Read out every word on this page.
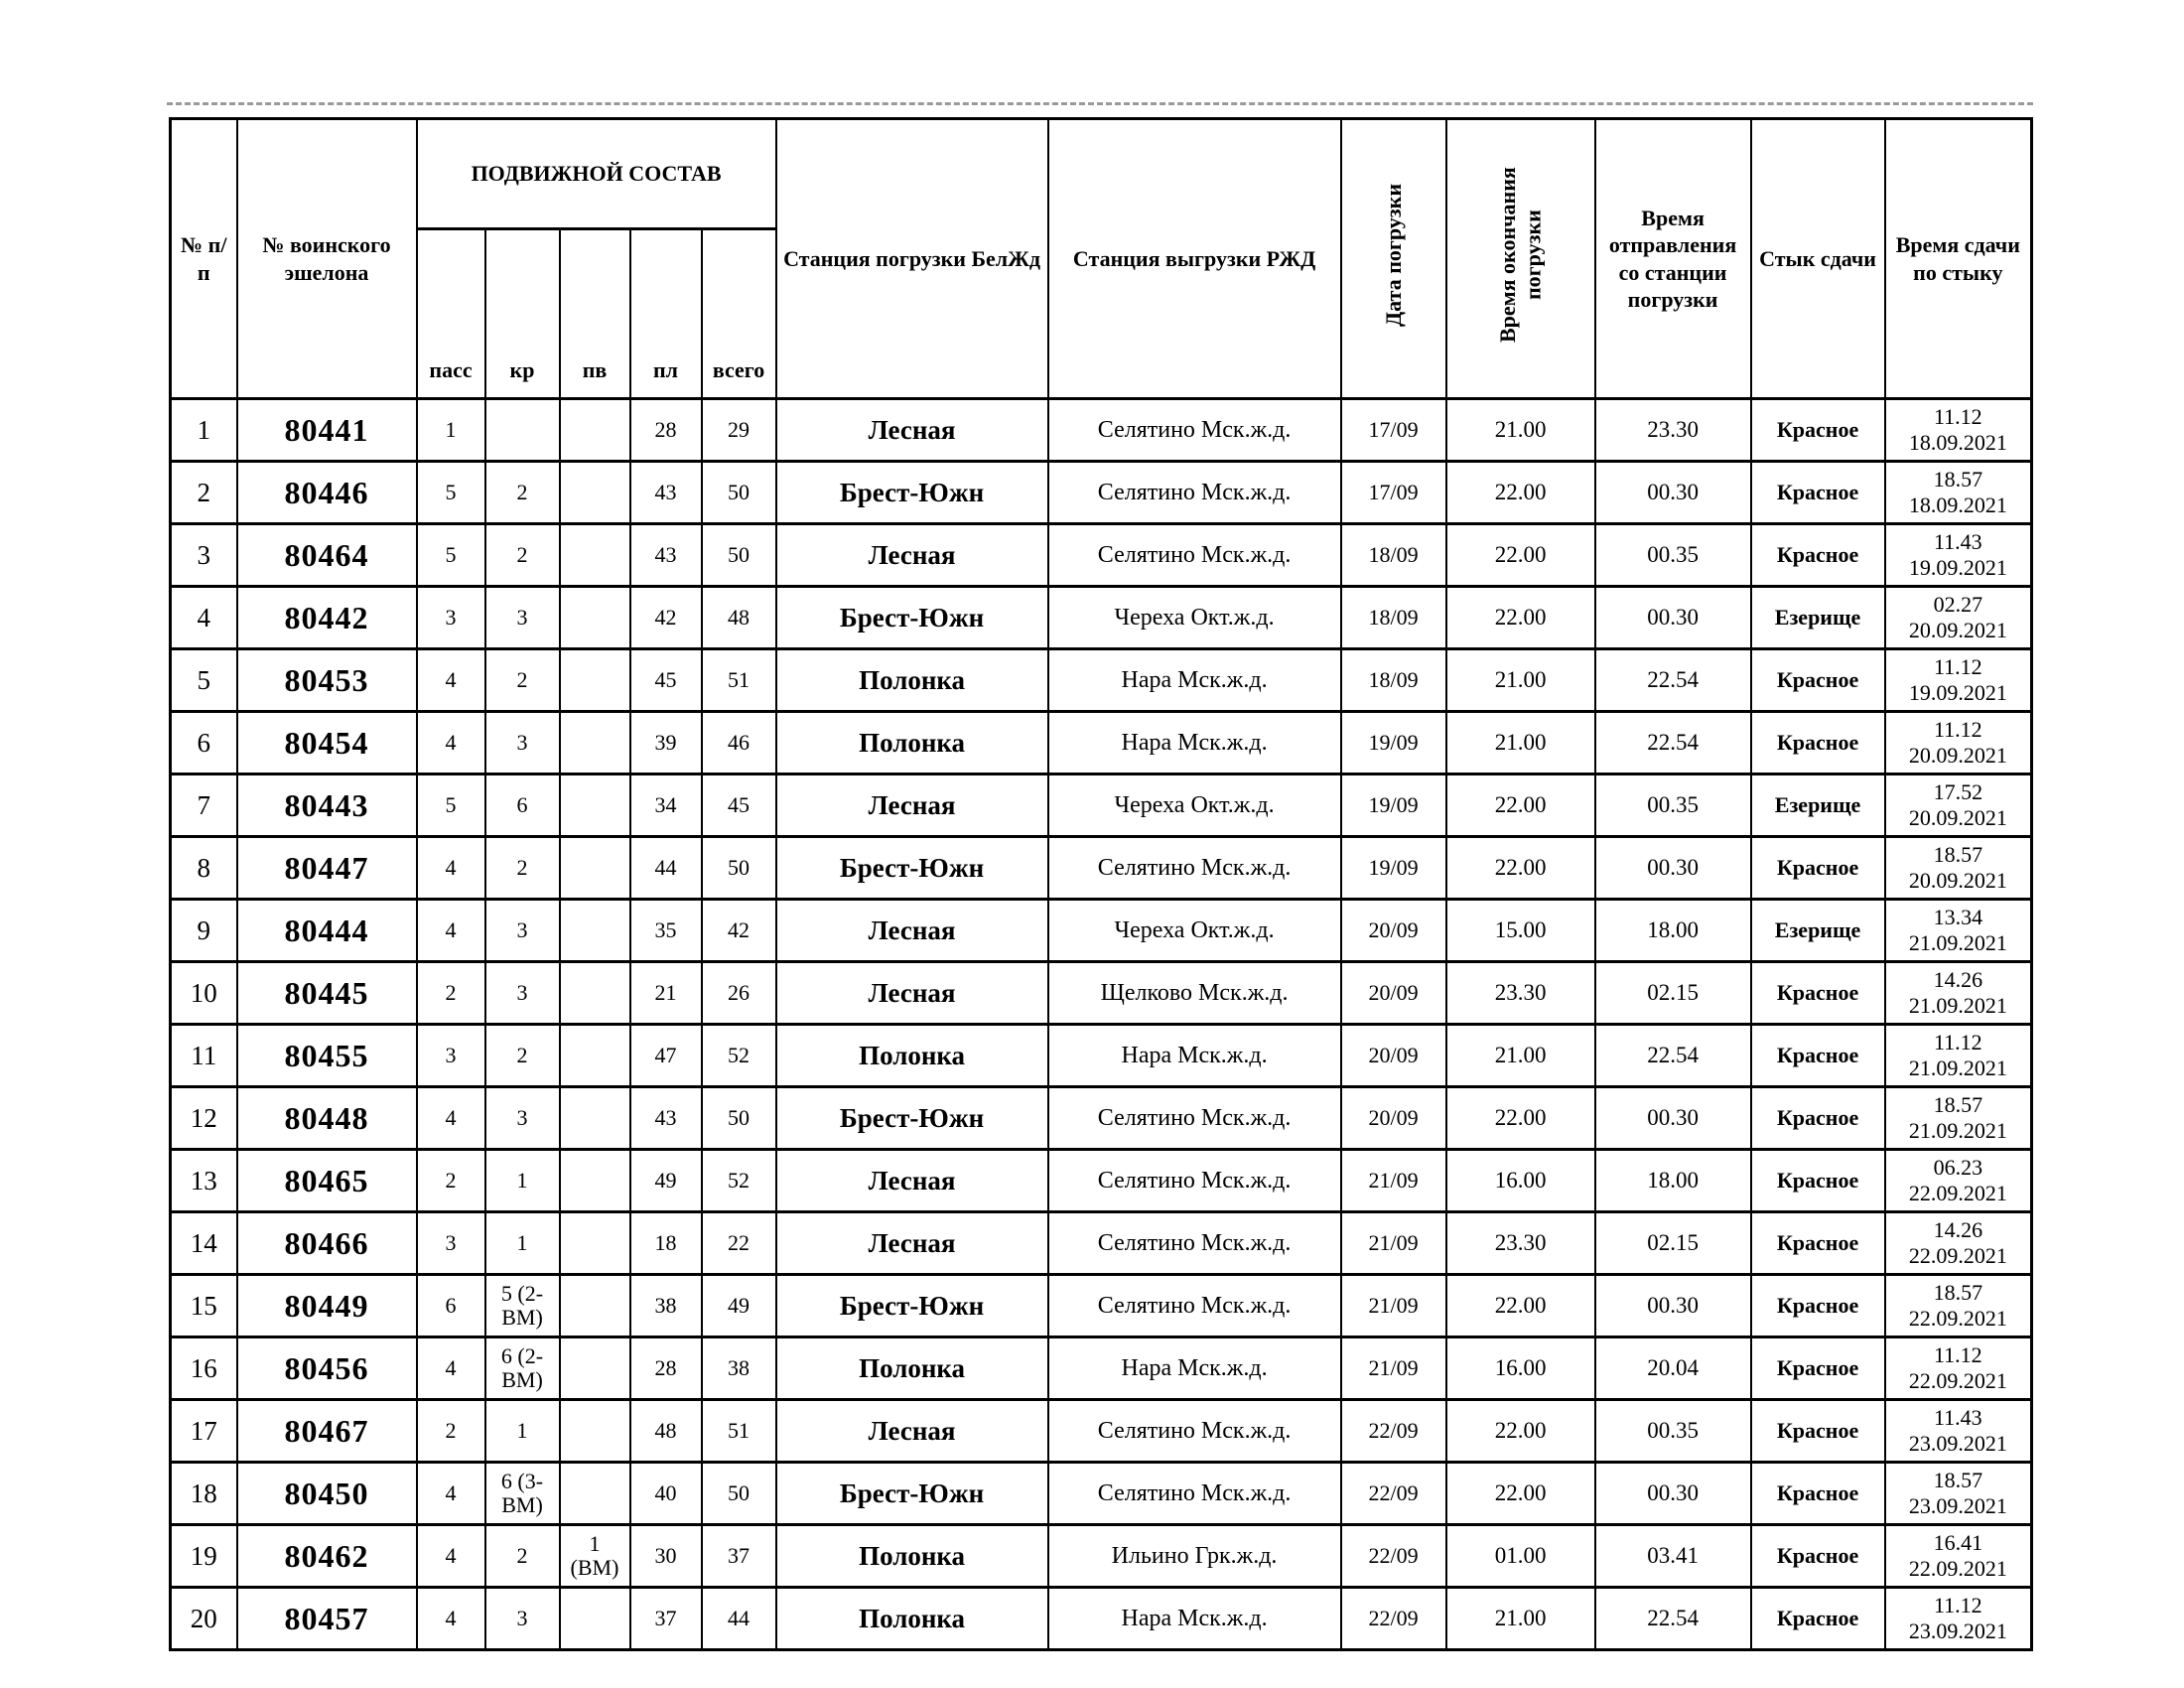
№ п/п	№ воинского эшелона	ПОДВИЖНОЙ СОСТАВ					Станция погрузки БелЖд	Станция выгрузки РЖД	Дата погрузки	Время окончания погрузки	Время отправления со станции погрузки	Стык сдачи	Время сдачи по стыку
		пасс	кр	пв	пл	всего							
1	80441	1			28	29	Лесная	Селятино Мск.ж.д.	17/09	21.00	23.30	Красное	11.12
18.09.2021

2	80446	5	2		43	50	Брест-Южн	Селятино Мск.ж.д.	17/09	22.00	00.30	Красное	18.57
18.09.2021

3	80464	5	2		43	50	Лесная	Селятино Мск.ж.д.	18/09	22.00	00.35	Красное	11.43
19.09.2021

4	80442	3	3		42	48	Брест-Южн	Череха Окт.ж.д.	18/09	22.00	00.30	Езерище	02.27
20.09.2021

5	80453	4	2		45	51	Полонка	Нара Мск.ж.д.	18/09	21.00	22.54	Красное	11.12
19.09.2021

6	80454	4	3		39	46	Полонка	Нара Мск.ж.д.	19/09	21.00	22.54	Красное	11.12
20.09.2021

7	80443	5	6		34	45	Лесная	Череха Окт.ж.д.	19/09	22.00	00.35	Езерище	17.52
20.09.2021

8	80447	4	2		44	50	Брест-Южн	Селятино Мск.ж.д.	19/09	22.00	00.30	Красное	18.57
20.09.2021

9	80444	4	3		35	42	Лесная	Череха Окт.ж.д.	20/09	15.00	18.00	Езерище	13.34
21.09.2021

10	80445	2	3		21	26	Лесная	Щелково Мск.ж.д.	20/09	23.30	02.15	Красное	14.26
21.09.2021

11	80455	3	2		47	52	Полонка	Нара Мск.ж.д.	20/09	21.00	22.54	Красное	11.12
21.09.2021

12	80448	4	3		43	50	Брест-Южн	Селятино Мск.ж.д.	20/09	22.00	00.30	Красное	18.57
21.09.2021

13	80465	2	1		49	52	Лесная	Селятино Мск.ж.д.	21/09	16.00	18.00	Красное	06.23
22.09.2021

14	80466	3	1		18	22	Лесная	Селятино Мск.ж.д.	21/09	23.30	02.15	Красное	14.26
22.09.2021

15	80449	6	5 (2-ВМ)		38	49	Брест-Южн	Селятино Мск.ж.д.	21/09	22.00	00.30	Красное	18.57
22.09.2021

16	80456	4	6 (2-ВМ)		28	38	Полонка	Нара Мск.ж.д.	21/09	16.00	20.04	Красное	11.12
22.09.2021

17	80467	2	1		48	51	Лесная	Селятино Мск.ж.д.	22/09	22.00	00.35	Красное	11.43
23.09.2021

18	80450	4	6 (3-ВМ)		40	50	Брест-Южн	Селятино Мск.ж.д.	22/09	22.00	00.30	Красное	18.57
23.09.2021

19	80462	4	2	1 (ВМ)	30	37	Полонка	Ильино Грк.ж.д.	22/09	01.00	03.41	Красное	16.41
22.09.2021

20	80457	4	3		37	44	Полонка	Нара Мск.ж.д.	22/09	21.00	22.54	Красное	11.12
23.09.2021
